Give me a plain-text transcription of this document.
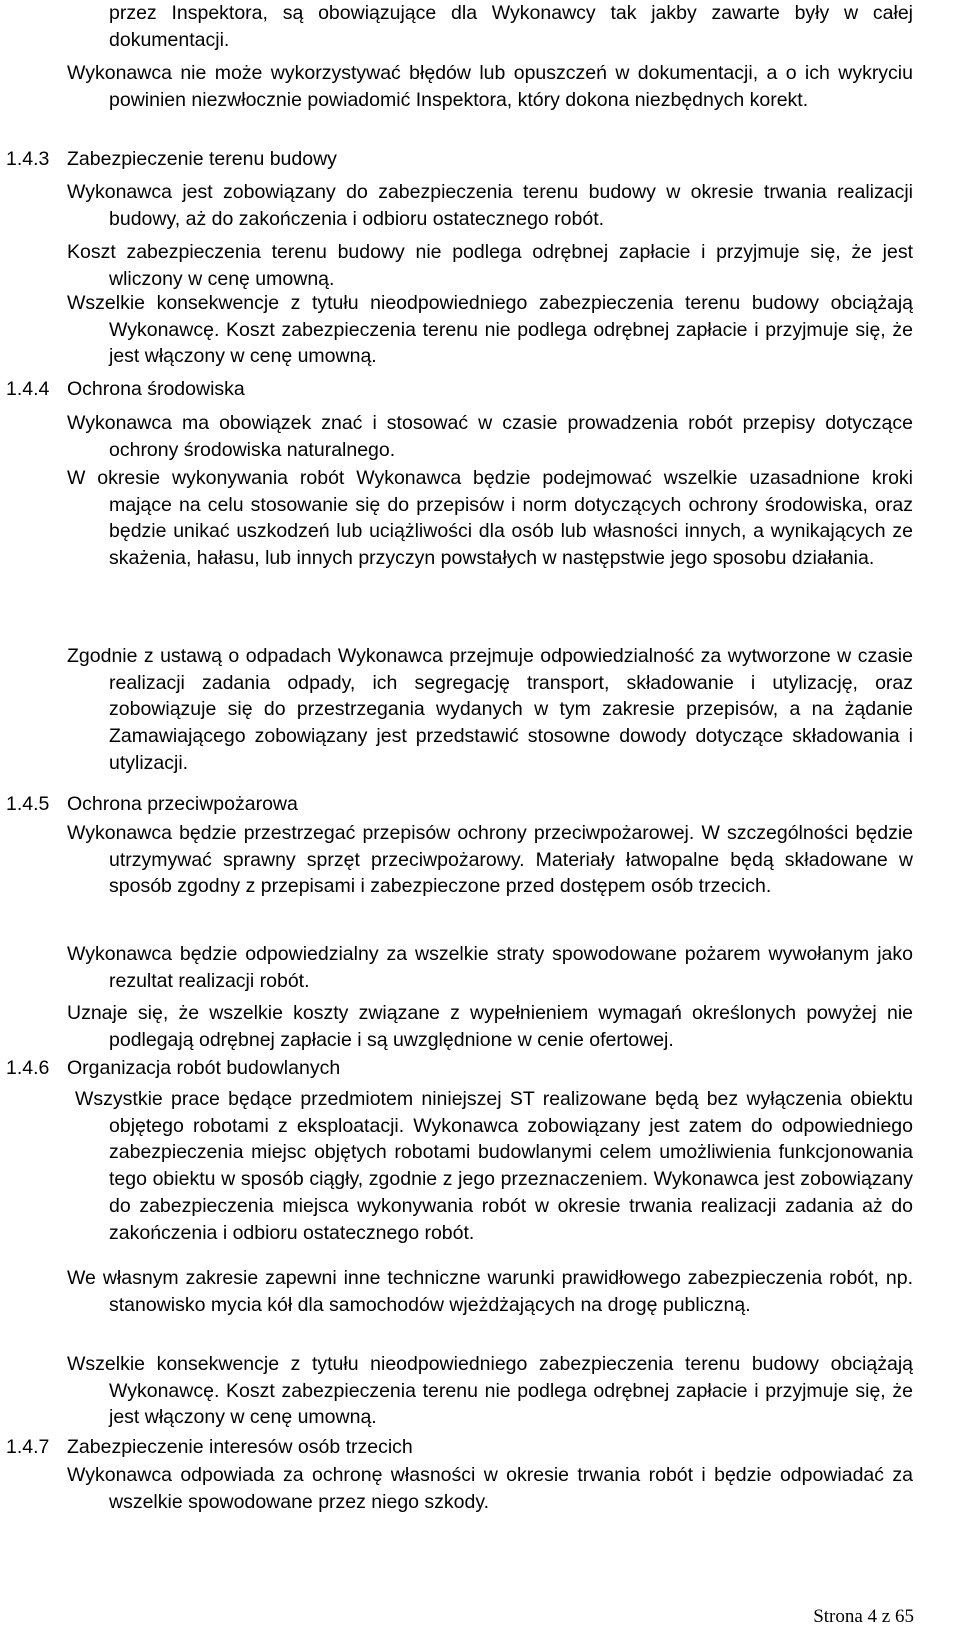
przez Inspektora, są obowiązujące dla Wykonawcy tak jakby zawarte były w całej dokumentacji.
Wykonawca nie może wykorzystywać błędów lub opuszczeń w dokumentacji, a o ich wykryciu powinien niezwłocznie powiadomić Inspektora, który dokona niezbędnych korekt.
1.4.3 Zabezpieczenie terenu budowy
Wykonawca jest zobowiązany do zabezpieczenia terenu budowy w okresie trwania realizacji budowy, aż do zakończenia i odbioru ostatecznego robót.
Koszt zabezpieczenia terenu budowy nie podlega odrębnej zapłacie i przyjmuje się, że jest wliczony w cenę umowną.
Wszelkie konsekwencje z tytułu nieodpowiedniego zabezpieczenia terenu budowy obciążają Wykonawcę. Koszt zabezpieczenia terenu nie podlega odrębnej zapłacie i przyjmuje się, że jest włączony w cenę umowną.
1.4.4 Ochrona środowiska
Wykonawca ma obowiązek znać i stosować w czasie prowadzenia robót przepisy dotyczące ochrony środowiska naturalnego.
W okresie wykonywania robót Wykonawca będzie podejmować wszelkie uzasadnione kroki mające na celu stosowanie się do przepisów i norm dotyczących ochrony środowiska, oraz będzie unikać uszkodzeń lub uciążliwości dla osób lub własności innych, a wynikających ze skażenia, hałasu, lub innych przyczyn powstałych w następstwie jego sposobu działania.
Zgodnie z ustawą o odpadach Wykonawca przejmuje odpowiedzialność za wytworzone w czasie realizacji zadania odpady, ich segregację transport, składowanie i utylizację, oraz zobowiązuje się do przestrzegania wydanych w tym zakresie przepisów, a na żądanie Zamawiającego zobowiązany jest przedstawić stosowne dowody dotyczące składowania i utylizacji.
1.4.5 Ochrona przeciwpożarowa
Wykonawca będzie przestrzegać przepisów ochrony przeciwpożarowej. W szczególności będzie utrzymywać sprawny sprzęt przeciwpożarowy. Materiały łatwopalne będą składowane w sposób zgodny z przepisami i zabezpieczone przed dostępem osób trzecich.
Wykonawca będzie odpowiedzialny za wszelkie straty spowodowane pożarem wywołanym jako rezultat realizacji robót.
Uznaje się, że wszelkie koszty związane z wypełnieniem wymagań określonych powyżej nie podlegają odrębnej zapłacie i są uwzględnione w cenie ofertowej.
1.4.6 Organizacja robót budowlanych
Wszystkie prace będące przedmiotem niniejszej ST realizowane będą bez wyłączenia obiektu objętego robotami z eksploatacji. Wykonawca zobowiązany jest zatem do odpowiedniego zabezpieczenia miejsc objętych robotami budowlanymi celem umożliwienia funkcjonowania tego obiektu w sposób ciągły, zgodnie z jego przeznaczeniem. Wykonawca jest zobowiązany do zabezpieczenia miejsca wykonywania robót w okresie trwania realizacji zadania aż do zakończenia i odbioru ostatecznego robót.
We własnym zakresie zapewni inne techniczne warunki prawidłowego zabezpieczenia robót, np. stanowisko mycia kół dla samochodów wjeżdżających na drogę publiczną.
Wszelkie konsekwencje z tytułu nieodpowiedniego zabezpieczenia terenu budowy obciążają Wykonawcę. Koszt zabezpieczenia terenu nie podlega odrębnej zapłacie i przyjmuje się, że jest włączony w cenę umowną.
1.4.7 Zabezpieczenie interesów osób trzecich
Wykonawca odpowiada za ochronę własności w okresie trwania robót i będzie odpowiadać za wszelkie spowodowane przez niego szkody.
Strona 4 z 65
